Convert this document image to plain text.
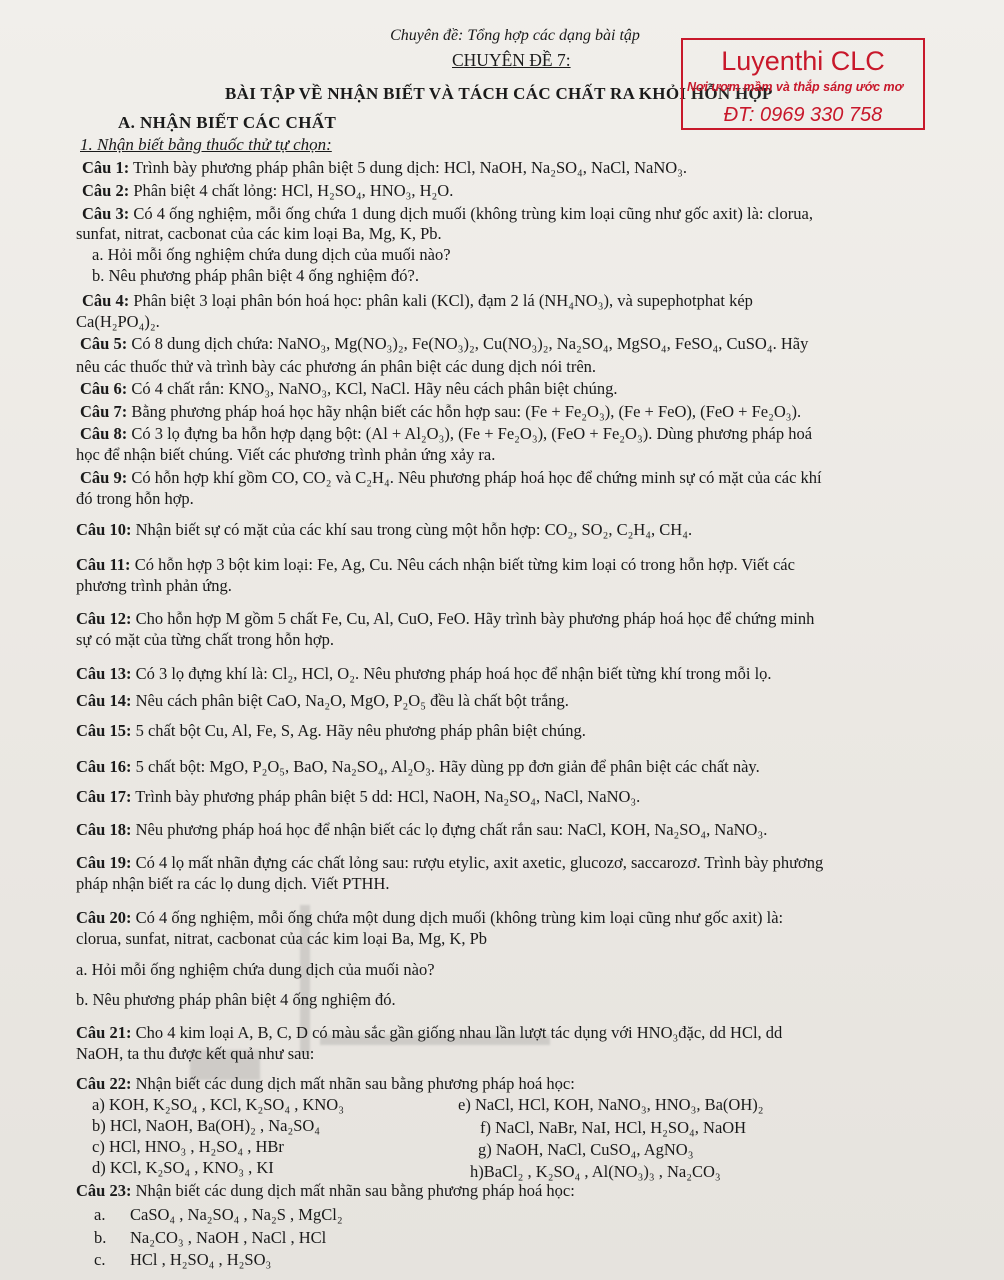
Chuyên đề: Tổng hợp các dạng bài tập
CHUYÊN ĐỀ 7:
BÀI TẬP VỀ NHẬN BIẾT VÀ TÁCH CÁC CHẤT RA KHỎI HỖN HỢP
A. NHẬN BIẾT CÁC CHẤT
1. Nhận biết bằng thuốc thử tự chọn:
Luyenthi CLC
Nơi ươm mầm và thắp sáng ước mơ
ĐT: 0969 330 758
Câu 1: Trình bày phương pháp phân biệt 5 dung dịch: HCl, NaOH, Na₂SO₄, NaCl, NaNO₃.
Câu 2: Phân biệt 4 chất lỏng: HCl, H₂SO₄, HNO₃, H₂O.
Câu 3: Có 4 ống nghiệm, mỗi ống chứa 1 dung dịch muối (không trùng kim loại cũng như gốc axit) là: clorua,
sunfat, nitrat, cacbonat của các kim loại Ba, Mg, K, Pb.
a. Hỏi mỗi ống nghiệm chứa dung dịch của muối nào?
b. Nêu phương pháp phân biệt 4 ống nghiệm đó?.
Câu 4: Phân biệt 3 loại phân bón hoá học: phân kali (KCl), đạm 2 lá (NH₄NO₃), và supephotphat kép
Ca(H₂PO₄)₂.
Câu 5: Có 8 dung dịch chứa: NaNO₃, Mg(NO₃)₂, Fe(NO₃)₂, Cu(NO₃)₂, Na₂SO₄, MgSO₄, FeSO₄, CuSO₄. Hãy
nêu các thuốc thử và trình bày các phương án phân biệt các dung dịch nói trên.
Câu 6: Có 4 chất rắn: KNO₃, NaNO₃, KCl, NaCl. Hãy nêu cách phân biệt chúng.
Câu 7: Bằng phương pháp hoá học hãy nhận biết các hỗn hợp sau: (Fe + Fe₂O₃), (Fe + FeO), (FeO + Fe₂O₃).
Câu 8: Có 3 lọ đựng ba hỗn hợp dạng bột: (Al + Al₂O₃), (Fe + Fe₂O₃), (FeO + Fe₂O₃). Dùng phương pháp hoá
học để nhận biết chúng. Viết các phương trình phản ứng xảy ra.
Câu 9: Có hỗn hợp khí gồm CO, CO₂ và C₂H₄. Nêu phương pháp hoá học để chứng minh sự có mặt của các khí
đó trong hỗn hợp.
Câu 10: Nhận biết sự có mặt của các khí sau trong cùng một hỗn hợp: CO₂, SO₂, C₂H₄, CH₄.
Câu 11: Có hỗn hợp 3 bột kim loại: Fe, Ag, Cu. Nêu cách nhận biết từng kim loại có trong hỗn hợp. Viết các
phương trình phản ứng.
Câu 12: Cho hỗn hợp M gồm 5 chất Fe, Cu, Al, CuO, FeO. Hãy trình bày phương pháp hoá học để chứng minh
sự có mặt của từng chất trong hỗn hợp.
Câu 13: Có 3 lọ đựng khí là: Cl₂, HCl, O₂. Nêu phương pháp hoá học để nhận biết từng khí trong mỗi lọ.
Câu 14: Nêu cách phân biệt CaO, Na₂O, MgO, P₂O₅ đều là chất bột trắng.
Câu 15: 5 chất bột Cu, Al, Fe, S, Ag. Hãy nêu phương pháp phân biệt chúng.
Câu 16: 5 chất bột: MgO, P₂O₅, BaO, Na₂SO₄, Al₂O₃. Hãy dùng pp đơn giản để phân biệt các chất này.
Câu 17: Trình bày phương pháp phân biệt 5 dd: HCl, NaOH, Na₂SO₄, NaCl, NaNO₃.
Câu 18: Nêu phương pháp hoá học để nhận biết các lọ đựng chất rắn sau: NaCl, KOH, Na₂SO₄, NaNO₃.
Câu 19: Có 4 lọ mất nhãn đựng các chất lỏng sau: rượu etylic, axit axetic, glucozơ, saccarozơ. Trình bày phương
pháp nhận biết ra các lọ dung dịch. Viết PTHH.
Câu 20: Có 4 ống nghiệm, mỗi ống chứa một dung dịch muối (không trùng kim loại cũng như gốc axit) là:
clorua, sunfat, nitrat, cacbonat của các kim loại Ba, Mg, K, Pb
a. Hỏi mỗi ống nghiệm chứa dung dịch của muối nào?
b. Nêu phương pháp phân biệt 4 ống nghiệm đó.
Câu 21: Cho 4 kim loại A, B, C, D có màu sắc gần giống nhau lần lượt tác dụng với HNO₃đặc, dd HCl, dd
NaOH, ta thu được kết quả như sau:
Câu 22: Nhận biết các dung dịch mất nhãn sau bằng phương pháp hoá học:
a) KOH, K₂SO₄ , KCl, K₂SO₄ , KNO₃	e) NaCl, HCl, KOH, NaNO₃, HNO₃, Ba(OH)₂
b) HCl, NaOH, Ba(OH)₂ , Na₂SO₄	f) NaCl, NaBr, NaI, HCl, H₂SO₄, NaOH
c) HCl, HNO₃ , H₂SO₄ , HBr	g) NaOH, NaCl, CuSO₄, AgNO₃
d) KCl, K₂SO₄ , KNO₃ , KI	h)BaCl₂ , K₂SO₄ , Al(NO₃)₃ , Na₂CO₃
Câu 23: Nhận biết các dung dịch mất nhãn sau bằng phương pháp hoá học:
a. CaSO₄ , Na₂SO₄ , Na₂S , MgCl₂
b. Na₂CO₃ , NaOH , NaCl , HCl
c. HCl , H₂SO₄ , H₂SO₃
